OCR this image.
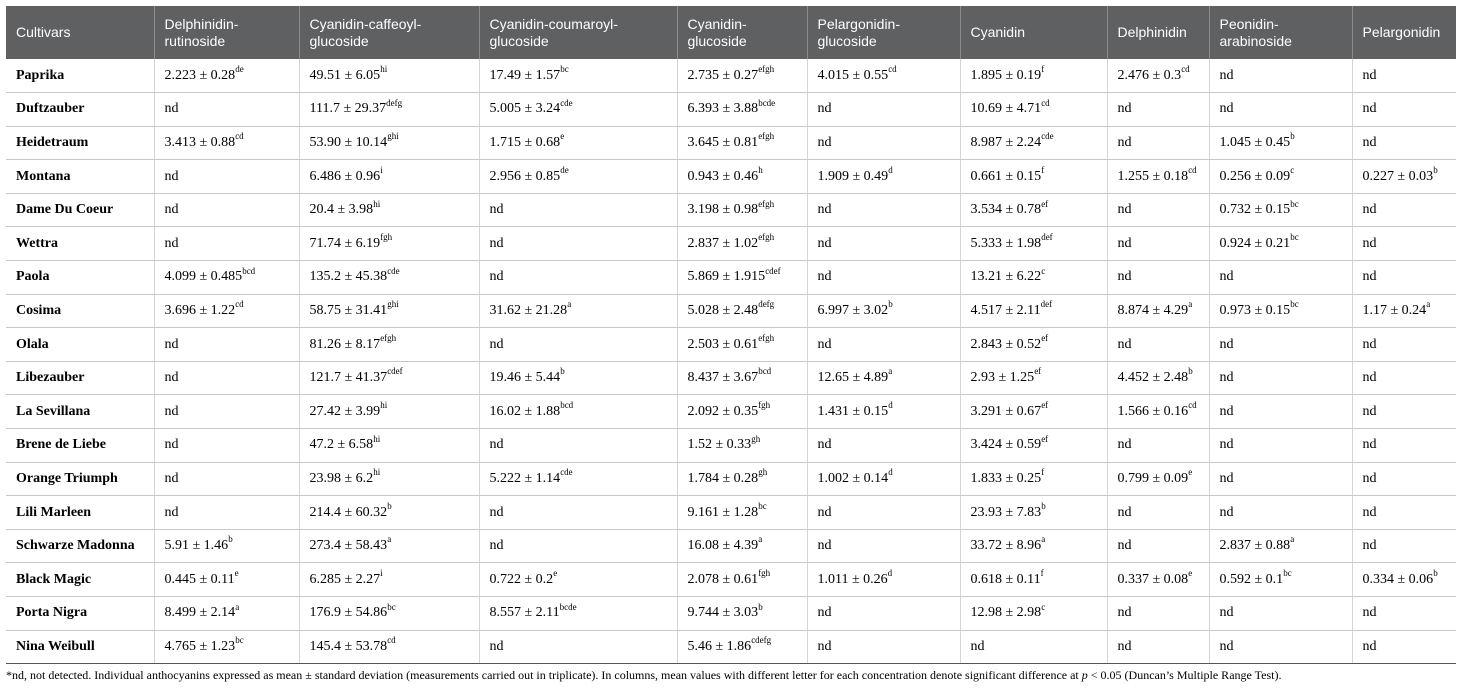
Cultivars	Delphinidin-rutinoside	Cyanidin-caffeoyl-glucoside	Cyanidin-coumaroyl-glucoside	Cyanidin-glucoside	Pelargonidin-glucoside	Cyanidin	Delphinidin	Peonidin-arabinoside	Pelargonidin
Paprika	2.223 ± 0.28de	$49.51 \pm 6.05^{hi}$	17.49 ± 1.57$^{bc}$	$2.735 \pm 0.27^{efgh}$	4.015 ± 0.55$^{cd}$	1.895 ± 0.19$^f$	2.476 ± 0.3$^{cd}$	nd	nd
Duftzauber	nd	$111.7 \pm 29.37^{defg}$	5.005 ± 3.24$^{cde}$	$6.393 \pm 3.88^{bcde}$	nd	10.69 ± 4.71$^{cd}$	nd	nd	nd
Heidetraum	3.413 ± 0.88$^{cd}$	$53.90 \pm 10.14^{ghi}$	1.715 ± 0.68$^e$	$3.645 \pm 0.81^{efgh}$	nd	8.987 ± 2.24$^{cde}$	nd	1.045 ± 0.45$^b$	nd
Montana	nd	$6.486 \pm 0.96^i$	2.956 ± 0.85de	0.943 ± 0.46$^h$	1.909 ± 0.49$^d$	0.661 ± 0.15$^f$	1.255 ± 0.18$^{cd}$	0.256 ± 0.09$^c$	0.227 ± 0.03$^b$
Dame Du Coeur	nd	$20.4 \pm 3.98^{hi}$	nd	$3.198 \pm 0.98^{efgh}$	nd	3.534 ± 0.78$^{ef}$	nd	0.732 ± 0.15$^{bc}$	nd
Wettra	nd	71.74 ± 6.19$^{fgh}$	nd	$2.837 \pm 1.02^{efgh}$	nd	5.333 ± 1.98$^{def}$	nd	0.924 ± 0.21$^{bc}$	nd
Paola	4.099 ± 0.485$^{bcd}$	135.2 ± 45.38$^{cde}$	nd	$5.869 \pm 1.915^{cdef}$	nd	13.21 ± 6.22$^c$	nd	nd	nd
Cosima	3.696 ± 1.22$^{cd}$	$58.75 \pm 31.41^{ghi}$	31.62 ± 21.28$^a$	$5.028 \pm 2.48^{defg}$	6.997 ± 3.02$^b$	4.517 ± 2.11$^{def}$	8.874 ± 4.29$^a$	0.973 ± 0.15$^{bc}$	1.17 ± 0.24$^a$
Olala	nd	$81.26 \pm 8.17^{efgh}$	nd	$2.503 \pm 0.61^{efgh}$	nd	2.843 ± 0.52$^{ef}$	nd	nd	nd
Libezauber	nd	$121.7 \pm 41.37^{cdef}$	19.46 ± 5.44$^b$	8.437 ± 3.67$^{bcd}$	12.65 ± 4.89$^a$	2.93 ± 1.25$^{ef}$	4.452 ± 2.48$^b$	nd	nd
La Sevillana	nd	$27.42 \pm 3.99^{hi}$	16.02 ± 1.88$^{bcd}$	2.092 ± 0.35$^{fgh}$	1.431 ± 0.15$^d$	3.291 ± 0.67$^{ef}$	1.566 ± 0.16$^{cd}$	nd	nd
Brene de Liebe	nd	$47.2 \pm 6.58^{hi}$	nd	1.52 ± 0.33$^{gh}$	nd	3.424 ± 0.59$^{ef}$	nd	nd	nd
Orange Triumph	nd	$23.98 \pm 6.2^{hi}$	5.222 ± 1.14$^{cde}$	1.784 ± 0.28$^{gh}$	1.002 ± 0.14$^d$	1.833 ± 0.25$^f$	0.799 ± 0.09$^e$	nd	nd
Lili Marleen	nd	214.4 ± 60.32$^b$	nd	9.161 ± 1.28$^{bc}$	nd	23.93 ± 7.83$^b$	nd	nd	nd
Schwarze Madonna	5.91 ± 1.46$^b$	273.4 ± 58.43$^a$	nd	16.08 ± 4.39$^a$	nd	33.72 ± 8.96$^a$	nd	2.837 ± 0.88$^a$	nd
Black Magic	0.445 ± 0.11$^e$	$6.285 \pm 2.27^i$	0.722 ± 0.2$^e$	2.078 ± 0.61$^{fgh}$	1.011 ± 0.26$^d$	0.618 ± 0.11$^f$	0.337 ± 0.08$^e$	0.592 ± 0.1$^{bc}$	0.334 ± 0.06$^b$
Porta Nigra	8.499 ± 2.14$^a$	176.9 ± 54.86$^{bc}$	$8.557 \pm 2.11^{bcde}$	9.744 ± 3.03$^b$	nd	12.98 ± 2.98$^c$	nd	nd	nd
Nina Weibull	4.765 ± 1.23$^{bc}$	145.4 ± 53.78$^{cd}$	nd	$5.46 \pm 1.86^{cdefg}$	nd	nd	nd	nd	nd
*nd, not detected. Individual anthocyanins expressed as mean ± standard deviation (measurements carried out in triplicate). In columns, mean values with different letter for each concentration denote significant difference at p < 0.05 (Duncan’s Multiple Range Test).
